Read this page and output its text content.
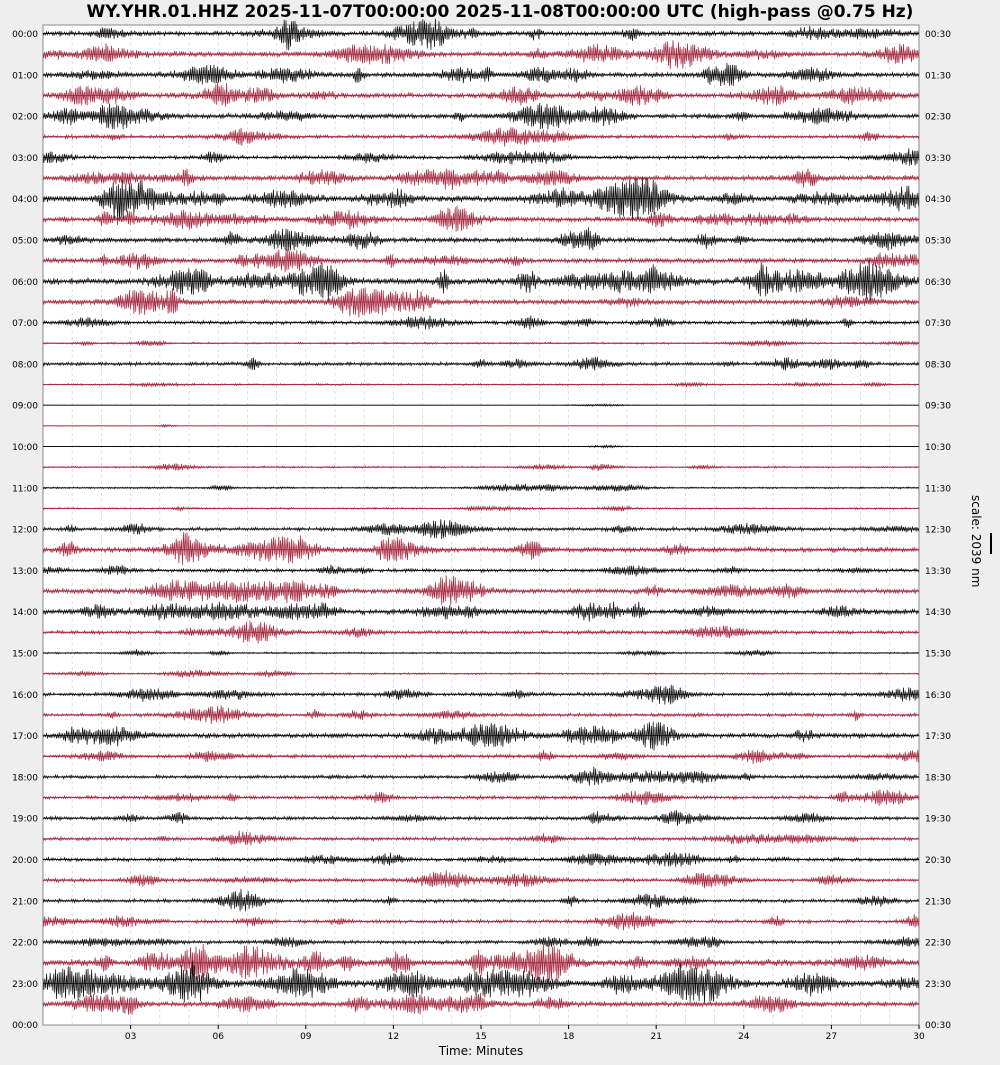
WY.YHR.01.HHZ 2025-11-07T00:00:00 2025-11-08T00:00:00 UTC (high-pass @0.75 Hz)
00:00
01:00
02:00
03:00
04:00
05:00
06:00
07:00
08:00
09:00
10:00
11:00
12:00
13:00
14:00
15:00
16:00
17:00
18:00
19:00
20:00
21:00
22:00
23:00
00:00
00:30
01:30
02:30
03:30
04:30
05:30
06:30
07:30
08:30
09:30
10:30
11:30
12:30
13:30
14:30
15:30
16:30
17:30
18:30
19:30
20:30
21:30
22:30
23:30
00:30
03	06	09	12	15	18	21	24	27	30
Time: Minutes
scale: 2039 nm
